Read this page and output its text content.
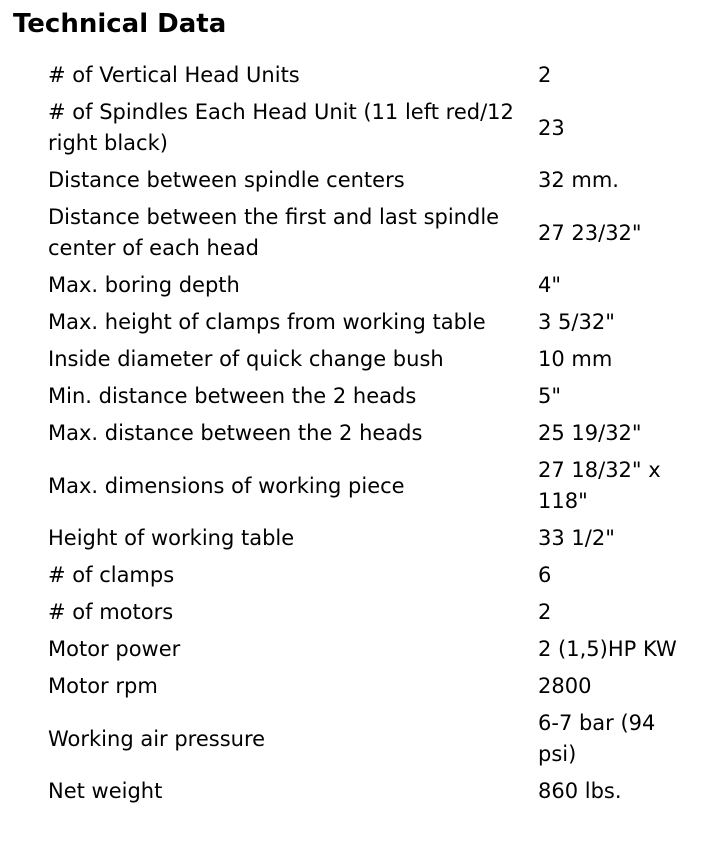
Technical Data
# of Vertical Head Units	2
# of Spindles Each Head Unit (11 left red/12 right black)	23
Distance between spindle centers	32 mm.
Distance between the first and last spindle center of each head	27 23/32"
Max. boring depth	4"
Max. height of clamps from working table	3 5/32"
Inside diameter of quick change bush	10 mm
Min. distance between the 2 heads	5"
Max. distance between the 2 heads	25 19/32"
Max. dimensions of working piece	27 18/32" x 118"
Height of working table	33 1/2"
# of clamps	6
# of motors	2
Motor power	2 (1,5)HP KW
Motor rpm	2800
Working air pressure	6-7 bar (94 psi)
Net weight	860 lbs.
